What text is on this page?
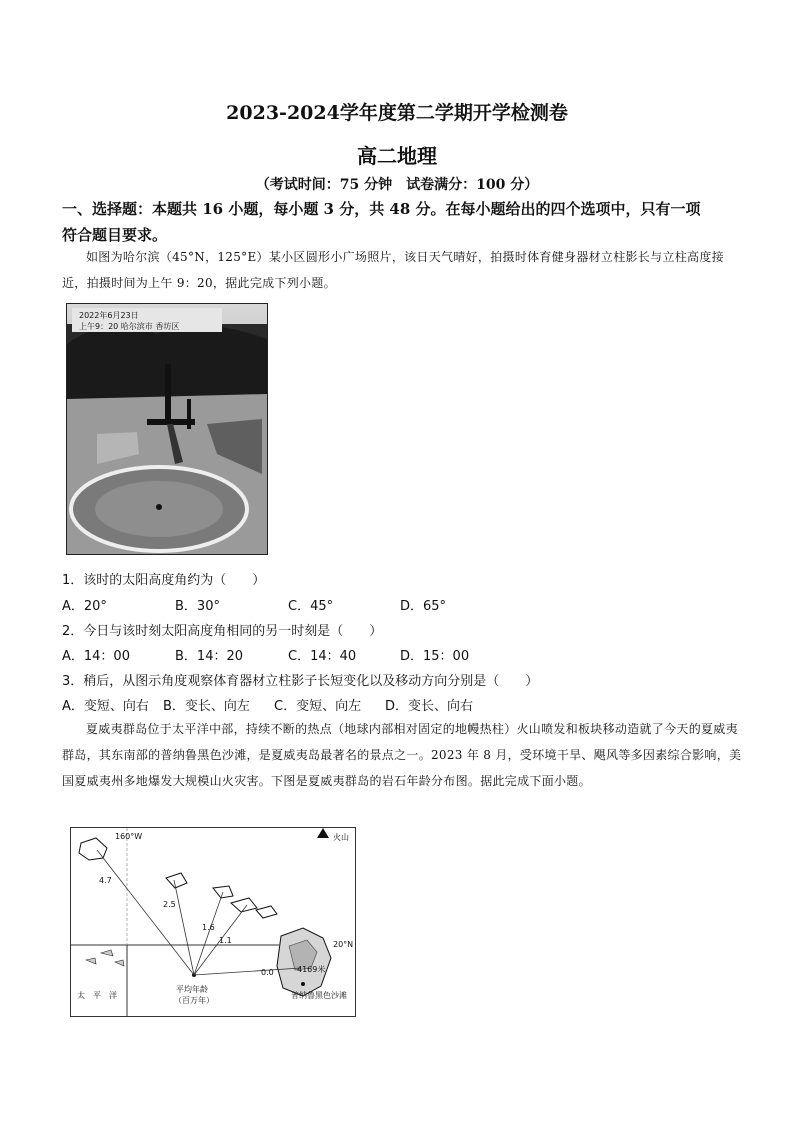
2023-2024学年度第二学期开学检测卷
高二地理
（考试时间：75 分钟　试卷满分：100 分）
一、选择题：本题共 16 小题，每小题 3 分，共 48 分。在每小题给出的四个选项中，只有一项
符合题目要求。
如图为哈尔滨（45°N，125°E）某小区圆形小广场照片，该日天气晴好，拍摄时体育健身器材立柱影长与立柱高度接近，拍摄时间为上午 9：20，据此完成下列小题。
2022年6月23日
上午9：20 哈尔滨市 香坊区
1．该时的太阳高度角约为（　　）
A．20°	B．30°	C．45°	D．65°
2．今日与该时刻太阳高度角相同的另一时刻是（　　）
A．14：00	B．14：20	C．14：40	D．15：00
3．稍后，从图示角度观察体育器材立柱影子长短变化以及移动方向分别是（　　）
A．变短、向右	B．变长、向左	C．变短、向左	D．变长、向右
夏威夷群岛位于太平洋中部，持续不断的热点（地球内部相对固定的地幔热柱）火山喷发和板块移动造就了今天的夏威夷群岛，其东南部的普纳鲁黑色沙滩，是夏威夷岛最著名的景点之一。2023 年 8 月，受环境干旱、飓风等多因素综合影响，美国夏威夷州多地爆发大规模山火灾害。下图是夏威夷群岛的岩石年龄分布图。据此完成下面小题。
160°W
20°N
火山
太　平　洋
平均年龄
（百万年）
4.7
2.5
1.6
1.1
0.0	4169米
普纳鲁黑色沙滩
